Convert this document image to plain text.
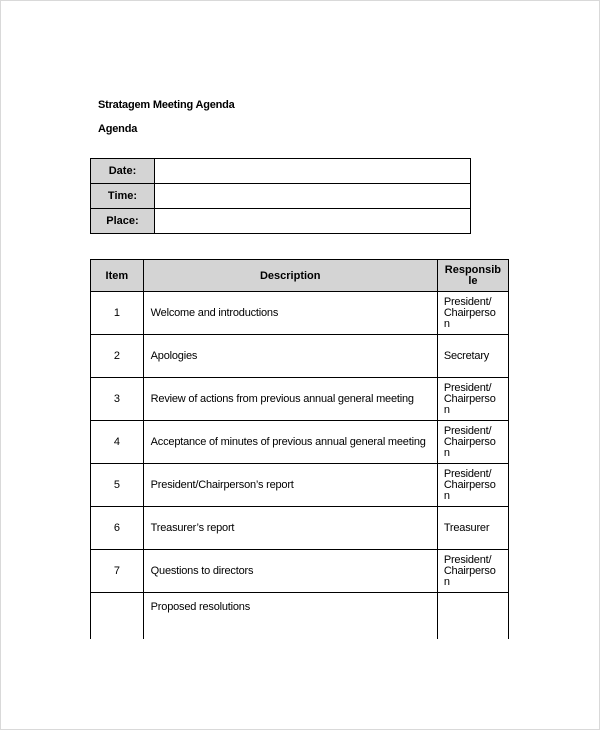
Stratagem Meeting Agenda
Agenda
Date:	
Time:	
Place:	
Item	Description	Responsib
le
1	Welcome and introductions	President/
Chairperso
n
2	Apologies	Secretary
3	Review of actions from previous annual general meeting	President/
Chairperso
n
4	Acceptance of minutes of previous annual general meeting	President/
Chairperso
n
5	President/Chairperson’s report	President/
Chairperso
n
6	Treasurer’s report	Treasurer
7	Questions to directors	President/
Chairperso
n
	Proposed resolutions	
